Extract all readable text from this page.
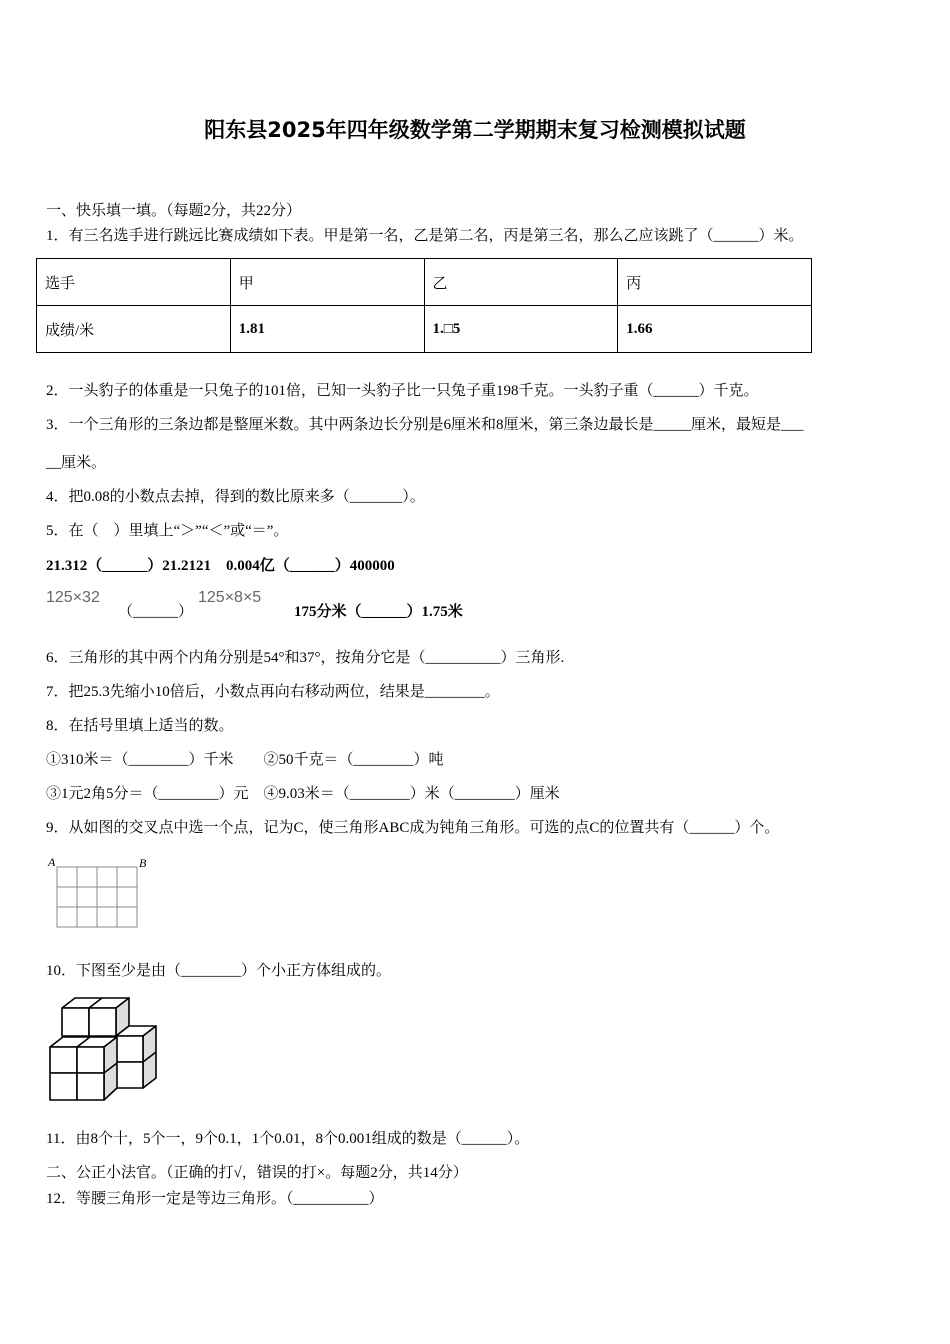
阳东县2025年四年级数学第二学期期末复习检测模拟试题
一、快乐填一填。（每题2分，共22分）
1．有三名选手进行跳远比赛成绩如下表。甲是第一名，乙是第二名，丙是第三名，那么乙应该跳了（______）米。
选手	甲	乙	丙
成绩/米	1.81	1.□5	1.66
2．一头豹子的体重是一只兔子的101倍，已知一头豹子比一只兔子重198千克。一头豹子重（______）千克。
3．一个三角形的三条边都是整厘米数。其中两条边长分别是6厘米和8厘米，第三条边最长是_____厘米，最短是___
__厘米。
4．把0.08的小数点去掉，得到的数比原来多（_______）。
5．在（　）里填上“＞”“＜”或“＝”。
21.312（______）21.2121　0.004亿（______）400000
125×32
（______）
125×8×5
175分米（______）1.75米
6．三角形的其中两个内角分别是54°和37°，按角分它是（__________）三角形.
7．把25.3先缩小10倍后，小数点再向右移动两位，结果是________。
8．在括号里填上适当的数。
①310米＝（________）千米　　②50千克＝（________）吨
③1元2角5分＝（________）元　④9.03米＝（________）米（________）厘米
9．从如图的交叉点中选一个点，记为C，使三角形ABC成为钝角三角形。可选的点C的位置共有（______）个。
A	B
10．下图至少是由（________）个小正方体组成的。
11．由8个十，5个一，9个0.1，1个0.01，8个0.001组成的数是（______）。
二、公正小法官。（正确的打√，错误的打×。每题2分，共14分）
12．等腰三角形一定是等边三角形。（__________）
